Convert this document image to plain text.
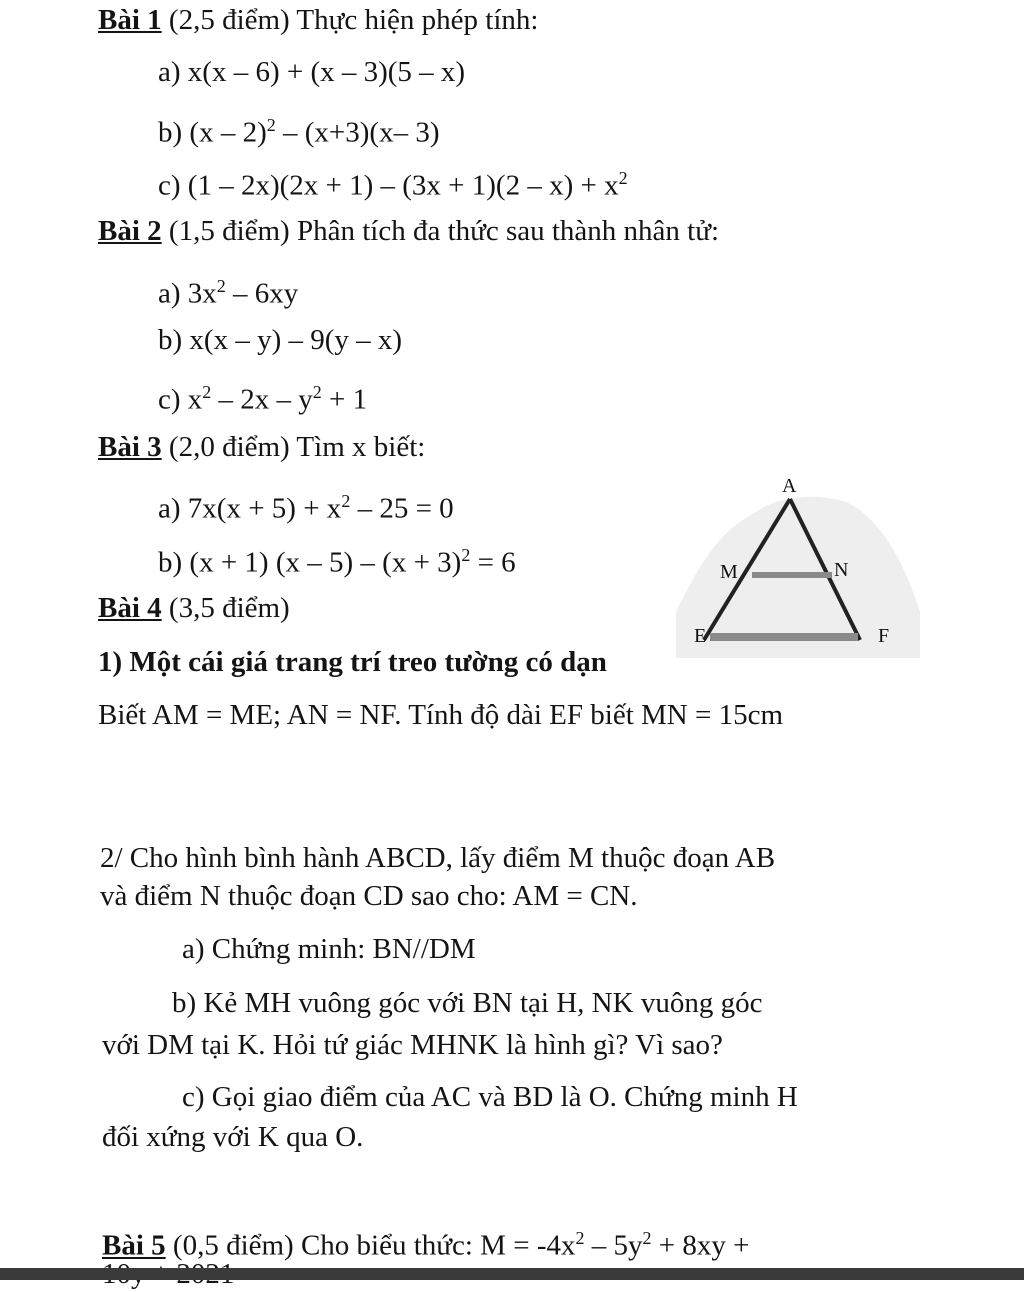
Bài 1 (2,5 điểm) Thực hiện phép tính:
a) x(x – 6) + (x – 3)(5 – x)
b) (x – 2)$^2$ – (x+3)(x– 3)
c) $(1 - 2x)(2x + 1) - (3x + 1)(2 - x) + x^2$
Bài 2 (1,5 điểm) Phân tích đa thức sau thành nhân tử:
a) $3x^2 - 6xy$
b) x(x – y) – 9(y – x)
c) $x^2 - 2x - y^2 + 1$
Bài 3 (2,0 điểm) Tìm x biết:
a) $7x(x + 5) + x^2 - 25 = 0$
b) (x + 1) $(x - 5) - (x + 3)^2 = 6$
Bài 4 (3,5 điểm)
1) Một cái giá trang trí treo tường có dạn
Biết AM = ME; AN = NF. Tính độ dài EF biết MN = 15cm
A
M	N
E	F
2/ Cho hình bình hành ABCD, lấy điểm M thuộc đoạn AB
và điểm N thuộc đoạn CD sao cho: AM = CN.
a) Chứng minh: BN//DM
b) Kẻ MH vuông góc với BN tại H, NK vuông góc
với DM tại K. Hỏi tứ giác MHNK là hình gì? Vì sao?
c) Gọi giao điểm của AC và BD là O. Chứng minh H
đối xứng với K qua O.
Bài 5 (0,5 điểm) Cho biểu thức: $M = -4x^2 - 5y^2 + 8xy$ +
